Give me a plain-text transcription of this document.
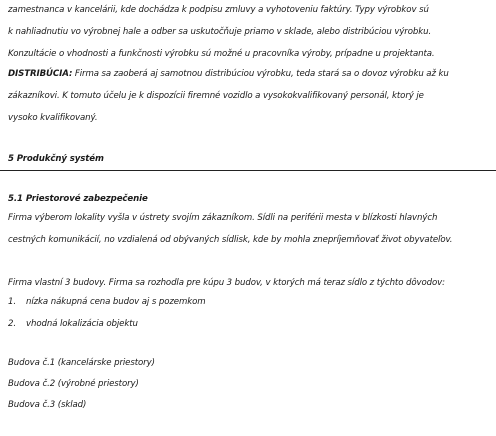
zamestnanca v kancelárii, kde dochádza k podpisu zmluvy a vyhotoveniu faktúry. Typy výrobkov sú
k nahliadnutiu vo výrobnej hale a odber sa uskutočňuje priamo v sklade, alebo distribúciou výrobku.
Konzultácie o vhodnosti a funkčnosti výrobku sú možné u pracovníka výroby, prípadne u projektanta.
DISTRIBÚCIA: Firma sa zaoberá aj samotnou distribúciou výrobku, teda stará sa o dovoz výrobku až ku
zákazníkovi. K tomuto účelu je k dispozícii firemné vozidlo a vysokokvalifikovaný personál, ktorý je
vysoko kvalifikovaný.
5 Produkčný systém
5.1 Priestorové zabezpečenie
Firma výberom lokality vyšla v ústrety svojím zákazníkom. Sídli na periférii mesta v blízkosti hlavných
cestných komunikácií, no vzdialená od obývaných sídlisk, kde by mohla znepríjemňovať život obyvateľov.
Firma vlastní 3 budovy. Firma sa rozhodla pre kúpu 3 budov, v ktorých má teraz sídlo z týchto dôvodov:
1. nízka nákupná cena budov aj s pozemkom
2. vhodná lokalizácia objektu
Budova č.1 (kancelárske priestory)
Budova č.2 (výrobné priestory)
Budova č.3 (sklad)
